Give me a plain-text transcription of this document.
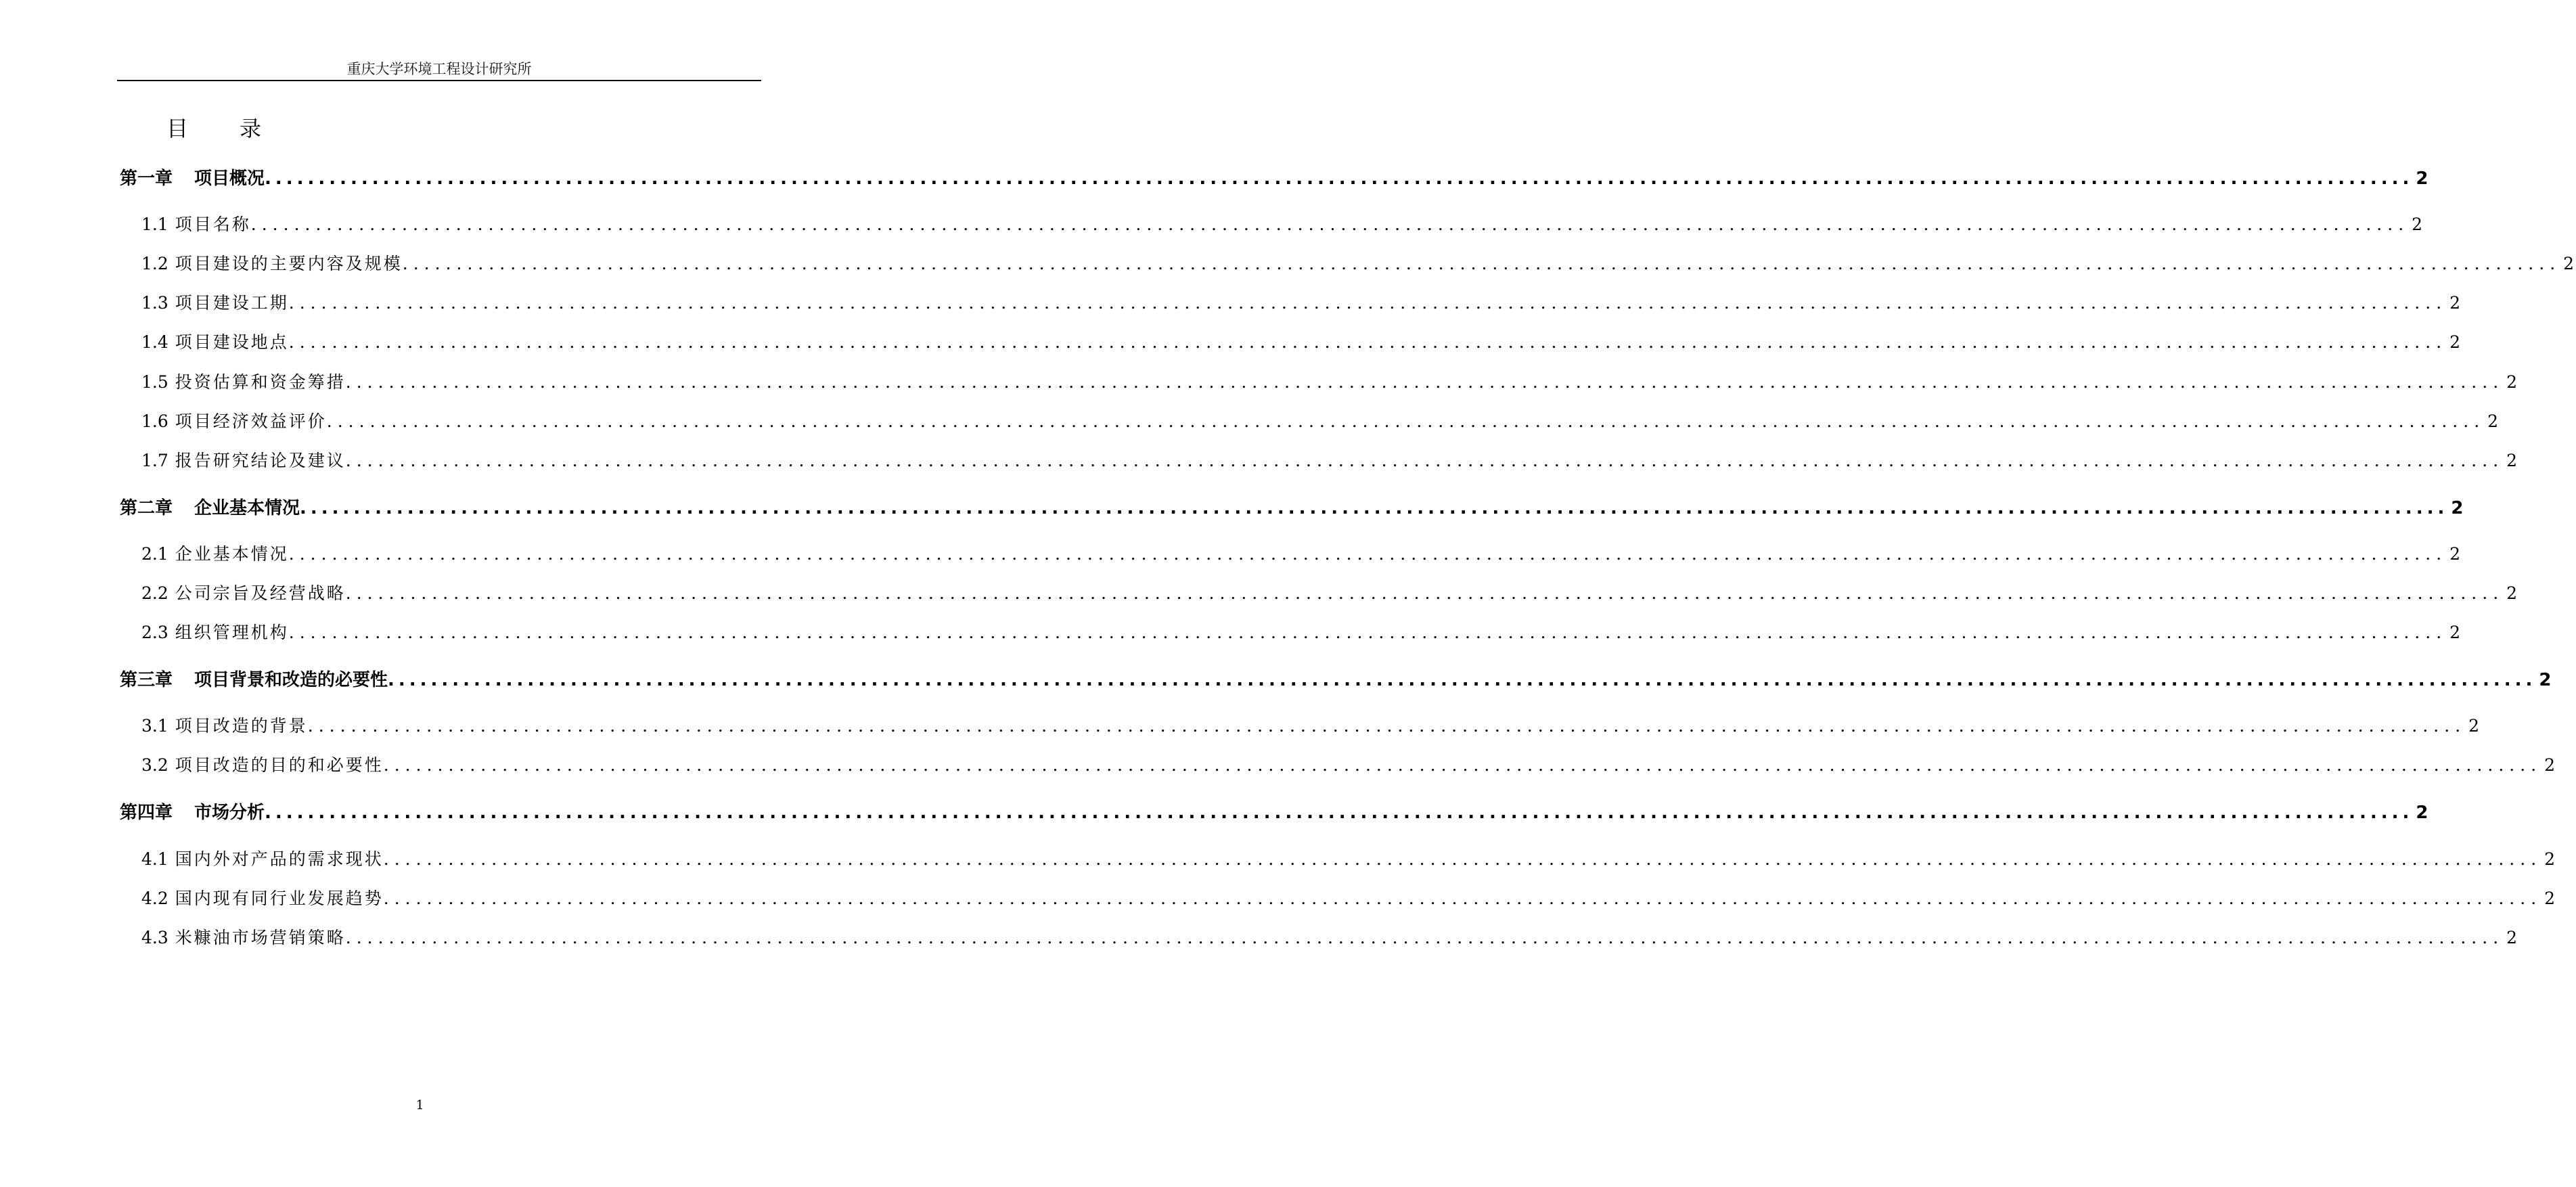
重庆大学环境工程设计研究所
目录
第一章 项目概况 ........................................................................................................................................................................................................ 2
1.1 项目名称 ........................................................................................................................................................................................................ 2
1.2 项目建设的主要内容及规模 ........................................................................................................................................................................................................ 2
1.3 项目建设工期 ........................................................................................................................................................................................................ 2
1.4 项目建设地点 ........................................................................................................................................................................................................ 2
1.5 投资估算和资金筹措 ........................................................................................................................................................................................................ 2
1.6 项目经济效益评价 ........................................................................................................................................................................................................ 2
1.7 报告研究结论及建议 ........................................................................................................................................................................................................ 2
第二章 企业基本情况 ........................................................................................................................................................................................................ 2
2.1 企业基本情况 ........................................................................................................................................................................................................ 2
2.2 公司宗旨及经营战略 ........................................................................................................................................................................................................ 2
2.3 组织管理机构 ........................................................................................................................................................................................................ 2
第三章 项目背景和改造的必要性 ........................................................................................................................................................................................................ 2
3.1 项目改造的背景 ........................................................................................................................................................................................................ 2
3.2 项目改造的目的和必要性 ........................................................................................................................................................................................................ 2
第四章 市场分析 ........................................................................................................................................................................................................ 2
4.1 国内外对产品的需求现状 ........................................................................................................................................................................................................ 2
4.2 国内现有同行业发展趋势 ........................................................................................................................................................................................................ 2
4.3 米糠油市场营销策略 ........................................................................................................................................................................................................ 2
1
